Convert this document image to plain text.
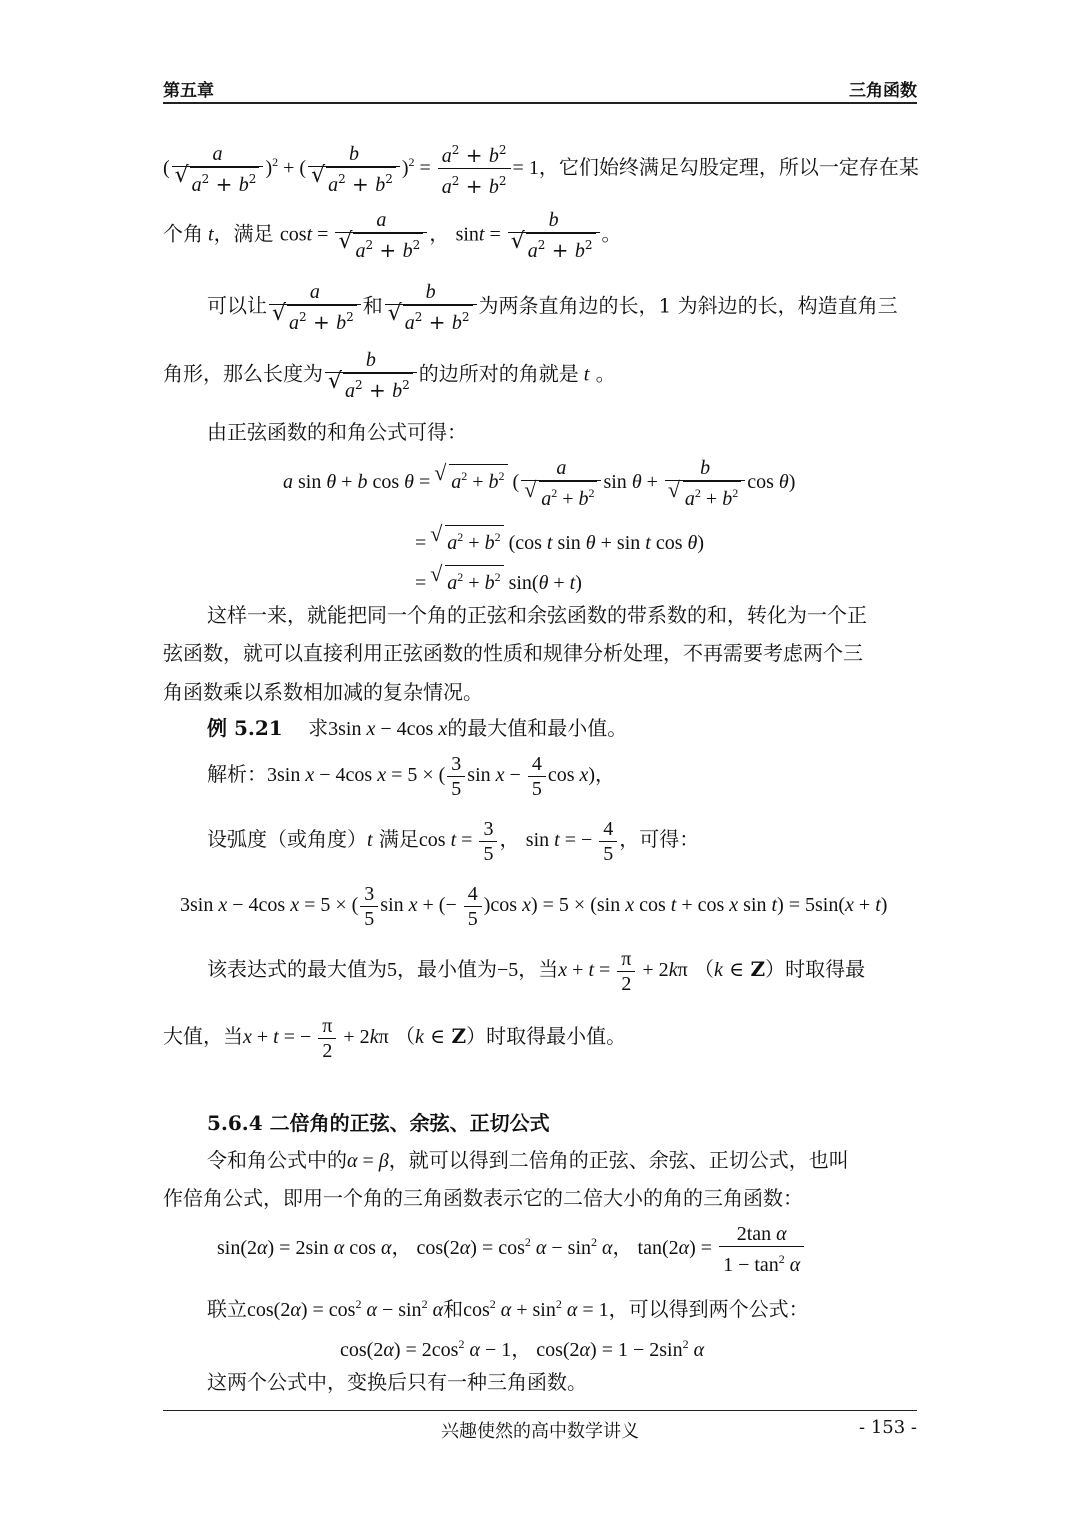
第五章	三角函数
( a
√ $a^2 + b^2$ )$^2$ + ( b
√ $a^2 + b^2$ )$^2 = \frac{a^2 + b^2}{a^2 + b^2} = 1$，它们始终满足勾股定理，所以一定存在某
个角 t，满足 cost = a
√ $a^2 + b^2$ ， sint = b
√ $a^2 + b^2$ 。
可以让 a
√ $a^2 + b^2$ 和 b
√ $a^2 + b^2$ 为两条直角边的长，1 为斜边的长，构造直角三
角形，那么长度为 b
√ $a^2 + b^2$ 的边所对的角就是 t 。
由正弦函数的和角公式可得：
a sin θ + b cos θ = √ $a^2 + b^2$ ( a
√ $a^2 + b^2$ sin θ + b
√ $a^2 + b^2$ cos θ)
= √ $a^2 + b^2$ (cos t sin θ + sin t cos θ)
= √ $a^2 + b^2$ sin(θ + t)
这样一来，就能把同一个角的正弦和余弦函数的带系数的和，转化为一个正
弦函数，就可以直接利用正弦函数的性质和规律分析处理，不再需要考虑两个三
角函数乘以系数相加减的复杂情况。
例 5.21 求3sin x − 4cos x的最大值和最小值。
解析：3sin x − 4cos x = 5 × ( $\frac{3}{5}$ $\sin x - \frac{4}{5}$ cos x)，
设弧度（或角度）t 满足$\cos t = \frac{3}{5}$ ， sin t = − $\frac{4}{5}$ ，可得：
3sin x − 4cos x = 5 × ( $\frac{3}{5}$ sin x + (− $\frac{4}{5} )\cos$ x) = 5 × (sin x cos t + cos x sin t) = 5sin(x + t)
该表达式的最大值为5，最小值为−5，当$x + t = \frac{\pi}{2} + 2k\pi$ （k ∈ Z）时取得最
大值，当x + t = − $\frac{\pi}{2} + 2k\pi$ （k ∈ Z）时取得最小值。
5.6.4 二倍角的正弦、余弦、正切公式
令和角公式中的α = β，就可以得到二倍角的正弦、余弦、正切公式，也叫
作倍角公式，即用一个角的三角函数表示它的二倍大小的角的三角函数：
sin(2α) = 2sin α cos α， $\cos(2\alpha) = \cos^2 \alpha - \sin^2 \alpha$， $\tan(2\alpha) = \frac{\text{2tan α}}{1 - \tan^2 \alpha}$
联立$\cos(2\alpha) = \cos^2 \alpha - \sin^2 \alpha$和$\cos^2 \alpha + \sin^2 \alpha = 1$，可以得到两个公式：
$\cos(2\alpha) = 2\cos^2$ α − 1， $\cos(2\alpha) = 1 - 2\sin^2$ α
这两个公式中，变换后只有一种三角函数。
兴趣使然的高中数学讲义	- 153 -
